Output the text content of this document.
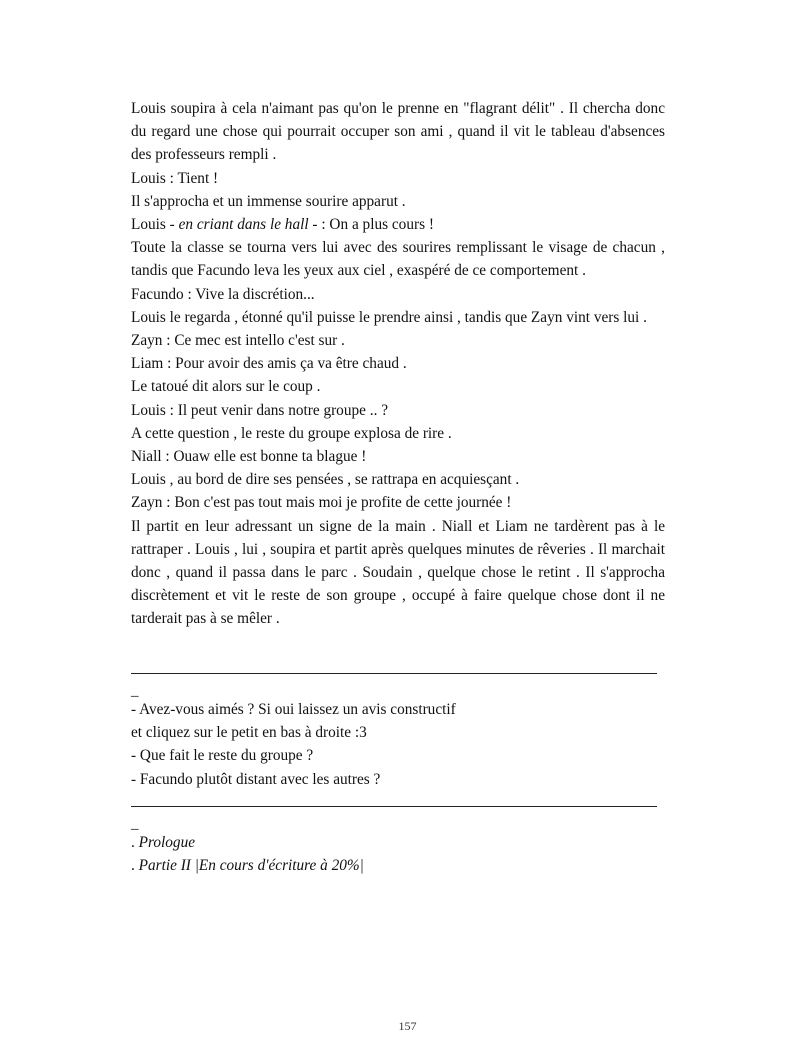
Louis soupira à cela n'aimant pas qu'on le prenne en "flagrant délit" . Il chercha donc du regard une chose qui pourrait occuper son ami , quand il vit le tableau d'absences des professeurs rempli .

Louis : Tient !

Il s'approcha et un immense sourire apparut .

Louis - en criant dans le hall - : On a plus cours !

Toute la classe se tourna vers lui avec des sourires remplissant le visage de chacun , tandis que Facundo leva les yeux aux ciel , exaspéré de ce comportement .

Facundo : Vive la discrétion...

Louis le regarda , étonné qu'il puisse le prendre ainsi , tandis que Zayn vint vers lui .

Zayn : Ce mec est intello c'est sur .

Liam : Pour avoir des amis ça va être chaud .

Le tatoué dit alors sur le coup .

Louis : Il peut venir dans notre groupe .. ?

A cette question , le reste du groupe explosa de rire .

Niall : Ouaw elle est bonne ta blague !

Louis , au bord de dire ses pensées , se rattrapa en acquiesçant .

Zayn : Bon c'est pas tout mais moi je profite de cette journée !

Il partit en leur adressant un signe de la main . Niall et Liam ne tardèrent pas à le rattraper . Louis , lui , soupira et partit après quelques minutes de rêveries . Il marchait donc , quand il passa dans le parc . Soudain , quelque chose le retint . Il s'approcha discrètement et vit le reste de son groupe , occupé à faire quelque chose dont il ne tarderait pas à se mêler .

_

- Avez-vous aimés ? Si oui laissez un avis constructif

et cliquez sur le petit en bas à droite :3

- Que fait le reste du groupe ?

- Facundo plutôt distant avec les autres ?

_

. Prologue

. Partie II |En cours d'écriture à 20%|

157
